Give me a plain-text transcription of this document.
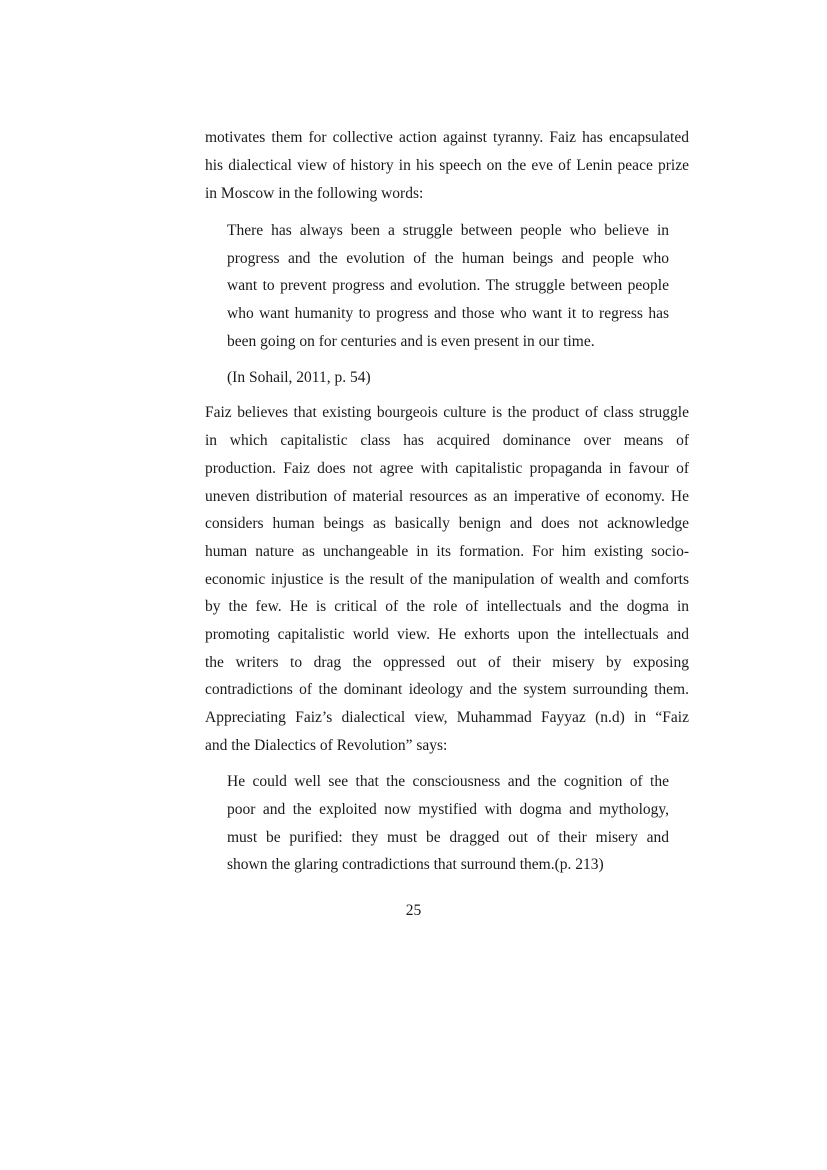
motivates them for collective action against tyranny. Faiz has encapsulated
his dialectical view of history in his speech on the eve of Lenin peace prize
in Moscow in the following words:
There has always been a struggle between people who believe in
progress and the evolution of the human beings and people who
want to prevent progress and evolution. The struggle between people
who want humanity to progress and those who want it to regress has
been going on for centuries and is even present in our time.
(In Sohail, 2011, p. 54)
Faiz believes that existing bourgeois culture is the product of class struggle
in which capitalistic class has acquired dominance over means of
production. Faiz does not agree with capitalistic propaganda in favour of
uneven distribution of material resources as an imperative of economy. He
considers human beings as basically benign and does not acknowledge
human nature as unchangeable in its formation. For him existing socio-
economic injustice is the result of the manipulation of wealth and comforts
by the few. He is critical of the role of intellectuals and the dogma in
promoting capitalistic world view. He exhorts upon the intellectuals and
the writers to drag the oppressed out of their misery by exposing
contradictions of the dominant ideology and the system surrounding them.
Appreciating Faiz’s dialectical view, Muhammad Fayyaz (n.d) in “Faiz
and the Dialectics of Revolution” says:
He could well see that the consciousness and the cognition of the
poor and the exploited now mystified with dogma and mythology,
must be purified: they must be dragged out of their misery and
shown the glaring contradictions that surround them.(p. 213)
25
